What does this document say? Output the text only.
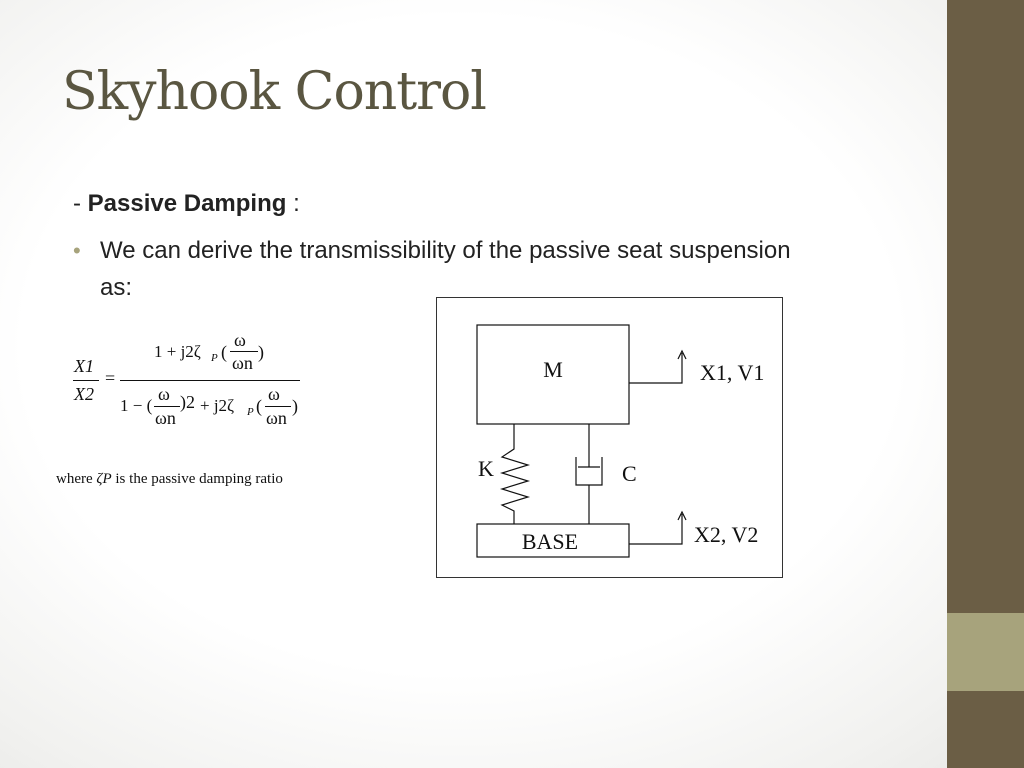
Skyhook Control
- Passive Damping :
• We can derive the transmissibility of the passive seat suspension as:
X1
X2
=
1 + j2ζ P (
ω
ωn
)
1 − (
ω
ωn
)2 + j2ζ P (
ω
ωn
)
where ζP is the passive damping ratio
M
BASE
K	C
X1, V1
X2, V2
